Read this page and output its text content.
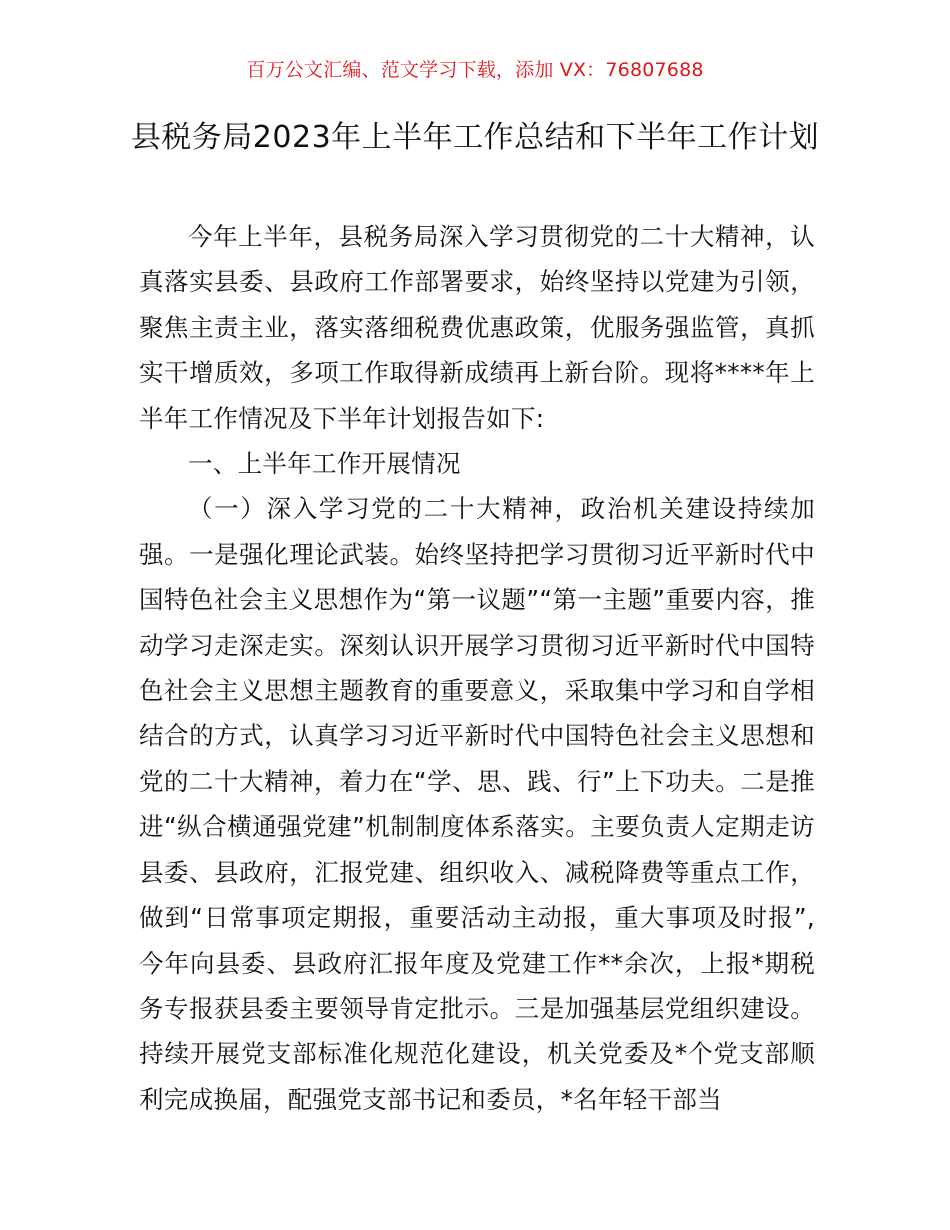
百万公文汇编、范文学习下载，添加 VX：76807688
县税务局2023年上半年工作总结和下半年工作计划

今年上半年，县税务局深入学习贯彻党的二十大精神，认真落实县委、县政府工作部署要求，始终坚持以党建为引领，聚焦主责主业，落实落细税费优惠政策，优服务强监管，真抓实干增质效，多项工作取得新成绩再上新台阶。现将****年上半年工作情况及下半年计划报告如下:

一、上半年工作开展情况

（一）深入学习党的二十大精神，政治机关建设持续加强。一是强化理论武装。始终坚持把学习贯彻习近平新时代中国特色社会主义思想作为“第一议题”“第一主题”重要内容，推动学习走深走实。深刻认识开展学习贯彻习近平新时代中国特色社会主义思想主题教育的重要意义，采取集中学习和自学相结合的方式，认真学习习近平新时代中国特色社会主义思想和党的二十大精神，着力在“学、思、践、行”上下功夫。二是推进“纵合横通强党建”机制制度体系落实。主要负责人定期走访县委、县政府，汇报党建、组织收入、减税降费等重点工作，做到“日常事项定期报，重要活动主动报，重大事项及时报”,今年向县委、县政府汇报年度及党建工作**余次，上报*期税务专报获县委主要领导肯定批示。三是加强基层党组织建设。持续开展党支部标准化规范化建设，机关党委及*个党支部顺利完成换届，配强党支部书记和委员，*名年轻干部当
